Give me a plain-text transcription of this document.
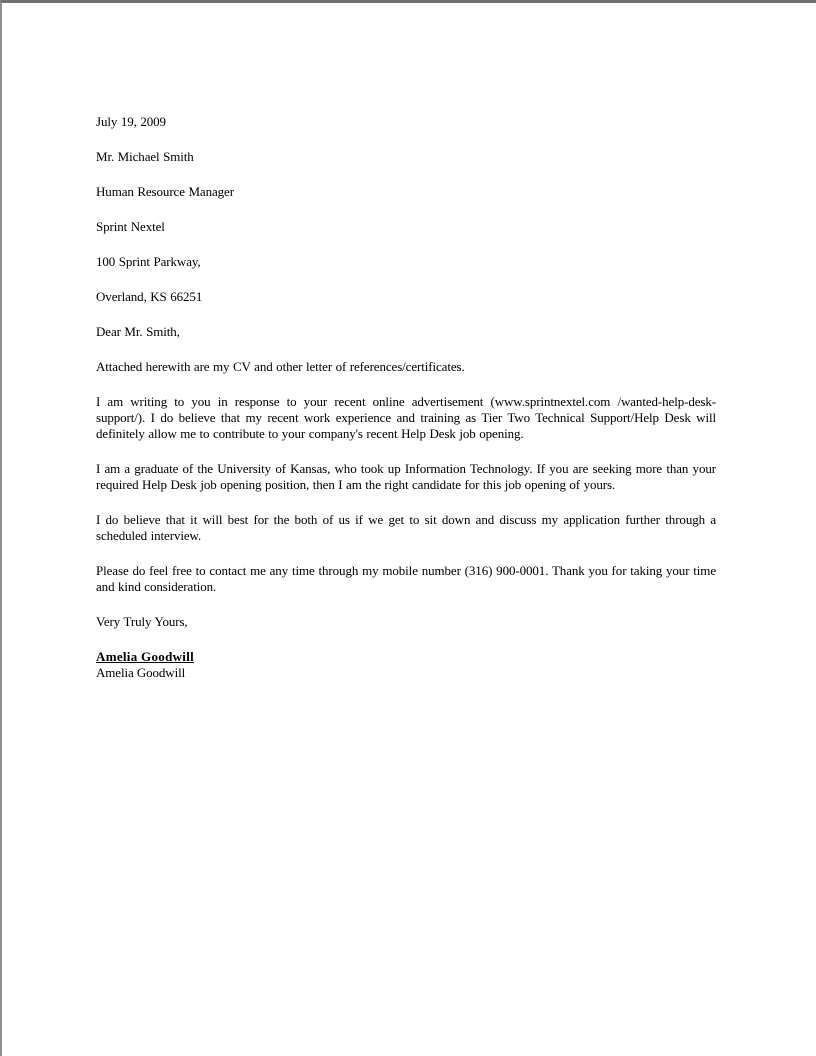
July 19, 2009
Mr. Michael Smith
Human Resource Manager
Sprint Nextel
100 Sprint Parkway,
Overland, KS 66251
Dear Mr. Smith,

Attached herewith are my CV and other letter of references/certificates.

I am writing to you in response to your recent online advertisement (www.sprintnextel.com /wanted-help-desk-support/). I do believe that my recent work experience and training as Tier Two Technical Support/Help Desk will definitely allow me to contribute to your company's recent Help Desk job opening.

I am a graduate of the University of Kansas, who took up Information Technology. If you are seeking more than your required Help Desk job opening position, then I am the right candidate for this job opening of yours.

I do believe that it will best for the both of us if we get to sit down and discuss my application further through a scheduled interview.

Please do feel free to contact me any time through my mobile number (316) 900-0001. Thank you for taking your time and kind consideration.

Very Truly Yours,
Amelia Goodwill
Amelia Goodwill
